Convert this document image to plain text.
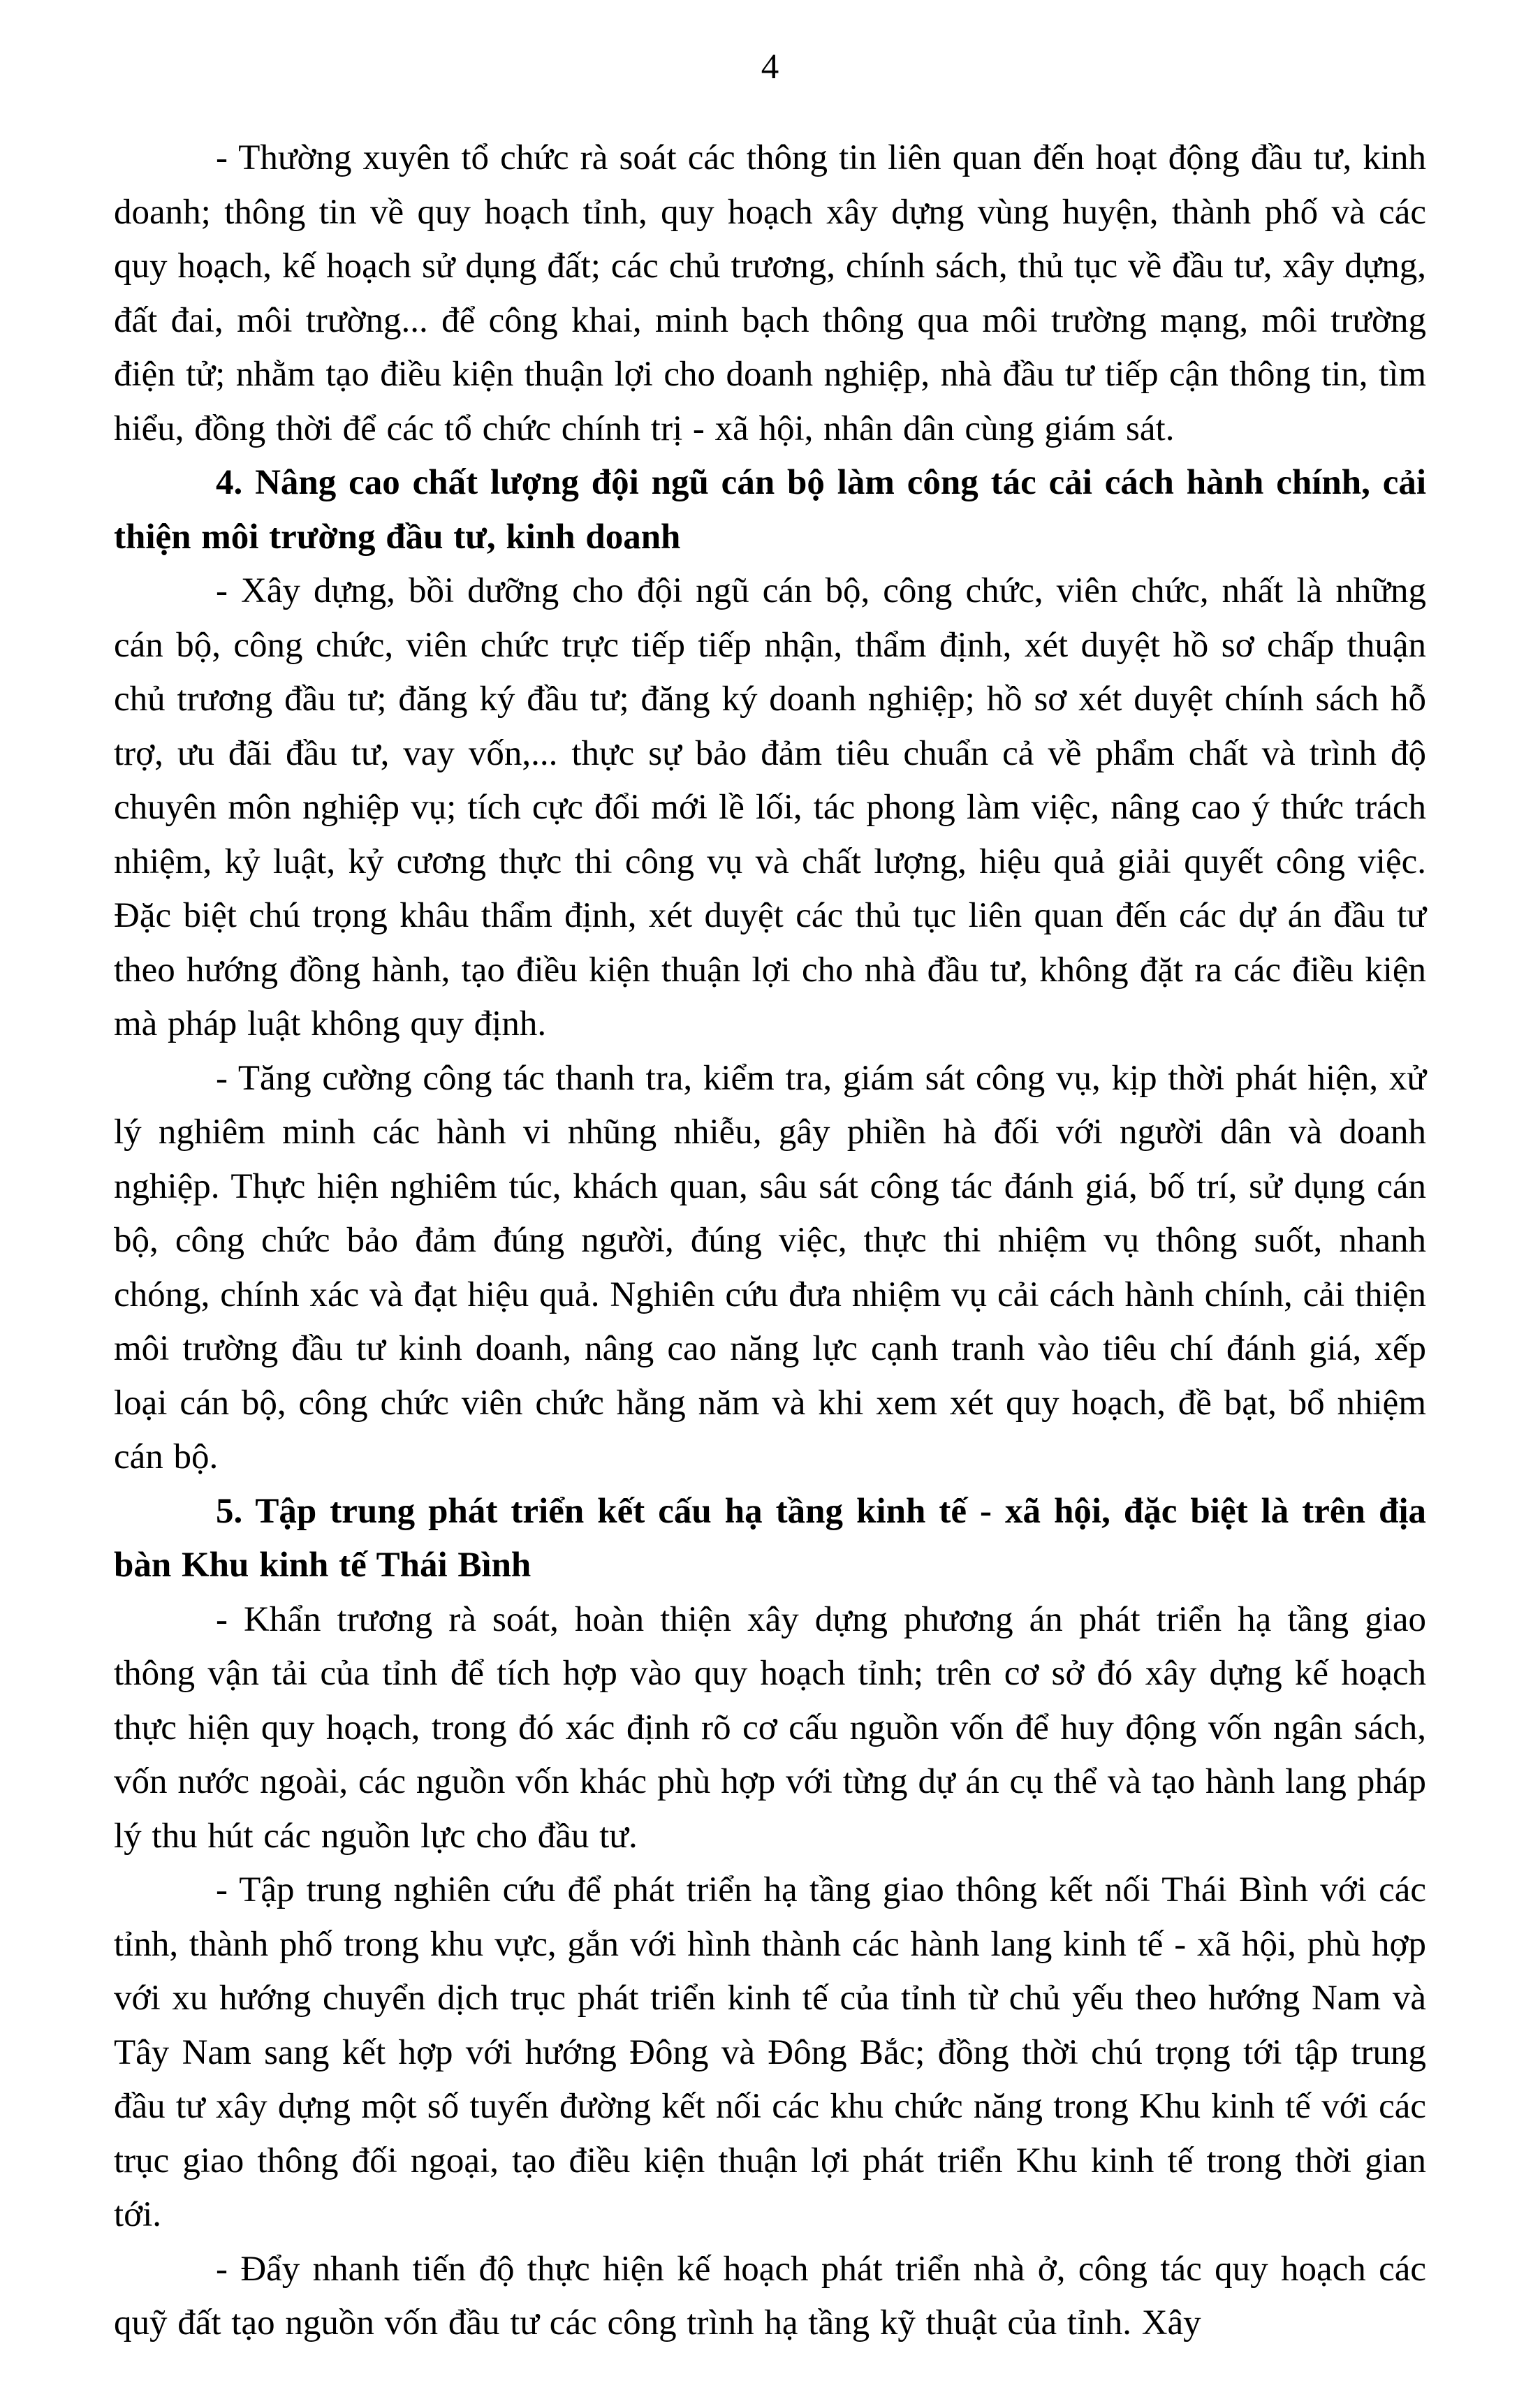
4

- Thường xuyên tổ chức rà soát các thông tin liên quan đến hoạt động đầu tư, kinh doanh; thông tin về quy hoạch tỉnh, quy hoạch xây dựng vùng huyện, thành phố và các quy hoạch, kế hoạch sử dụng đất; các chủ trương, chính sách, thủ tục về đầu tư, xây dựng, đất đai, môi trường... để công khai, minh bạch thông qua môi trường mạng, môi trường điện tử; nhằm tạo điều kiện thuận lợi cho doanh nghiệp, nhà đầu tư tiếp cận thông tin, tìm hiểu, đồng thời để các tổ chức chính trị - xã hội, nhân dân cùng giám sát.

4. Nâng cao chất lượng đội ngũ cán bộ làm công tác cải cách hành chính, cải thiện môi trường đầu tư, kinh doanh

- Xây dựng, bồi dưỡng cho đội ngũ cán bộ, công chức, viên chức, nhất là những cán bộ, công chức, viên chức trực tiếp tiếp nhận, thẩm định, xét duyệt hồ sơ chấp thuận chủ trương đầu tư; đăng ký đầu tư; đăng ký doanh nghiệp; hồ sơ xét duyệt chính sách hỗ trợ, ưu đãi đầu tư, vay vốn,... thực sự bảo đảm tiêu chuẩn cả về phẩm chất và trình độ chuyên môn nghiệp vụ; tích cực đổi mới lề lối, tác phong làm việc, nâng cao ý thức trách nhiệm, kỷ luật, kỷ cương thực thi công vụ và chất lượng, hiệu quả giải quyết công việc. Đặc biệt chú trọng khâu thẩm định, xét duyệt các thủ tục liên quan đến các dự án đầu tư theo hướng đồng hành, tạo điều kiện thuận lợi cho nhà đầu tư, không đặt ra các điều kiện mà pháp luật không quy định.

- Tăng cường công tác thanh tra, kiểm tra, giám sát công vụ, kịp thời phát hiện, xử lý nghiêm minh các hành vi nhũng nhiễu, gây phiền hà đối với người dân và doanh nghiệp. Thực hiện nghiêm túc, khách quan, sâu sát công tác đánh giá, bố trí, sử dụng cán bộ, công chức bảo đảm đúng người, đúng việc, thực thi nhiệm vụ thông suốt, nhanh chóng, chính xác và đạt hiệu quả. Nghiên cứu đưa nhiệm vụ cải cách hành chính, cải thiện môi trường đầu tư kinh doanh, nâng cao năng lực cạnh tranh vào tiêu chí đánh giá, xếp loại cán bộ, công chức viên chức hằng năm và khi xem xét quy hoạch, đề bạt, bổ nhiệm cán bộ.

5. Tập trung phát triển kết cấu hạ tầng kinh tế - xã hội, đặc biệt là trên địa bàn Khu kinh tế Thái Bình

- Khẩn trương rà soát, hoàn thiện xây dựng phương án phát triển hạ tầng giao thông vận tải của tỉnh để tích hợp vào quy hoạch tỉnh; trên cơ sở đó xây dựng kế hoạch thực hiện quy hoạch, trong đó xác định rõ cơ cấu nguồn vốn để huy động vốn ngân sách, vốn nước ngoài, các nguồn vốn khác phù hợp với từng dự án cụ thể và tạo hành lang pháp lý thu hút các nguồn lực cho đầu tư.

- Tập trung nghiên cứu để phát triển hạ tầng giao thông kết nối Thái Bình với các tỉnh, thành phố trong khu vực, gắn với hình thành các hành lang kinh tế - xã hội, phù hợp với xu hướng chuyển dịch trục phát triển kinh tế của tỉnh từ chủ yếu theo hướng Nam và Tây Nam sang kết hợp với hướng Đông và Đông Bắc; đồng thời chú trọng tới tập trung đầu tư xây dựng một số tuyến đường kết nối các khu chức năng trong Khu kinh tế với các trục giao thông đối ngoại, tạo điều kiện thuận lợi phát triển Khu kinh tế trong thời gian tới.

- Đẩy nhanh tiến độ thực hiện kế hoạch phát triển nhà ở, công tác quy hoạch các quỹ đất tạo nguồn vốn đầu tư các công trình hạ tầng kỹ thuật của tỉnh. Xây
